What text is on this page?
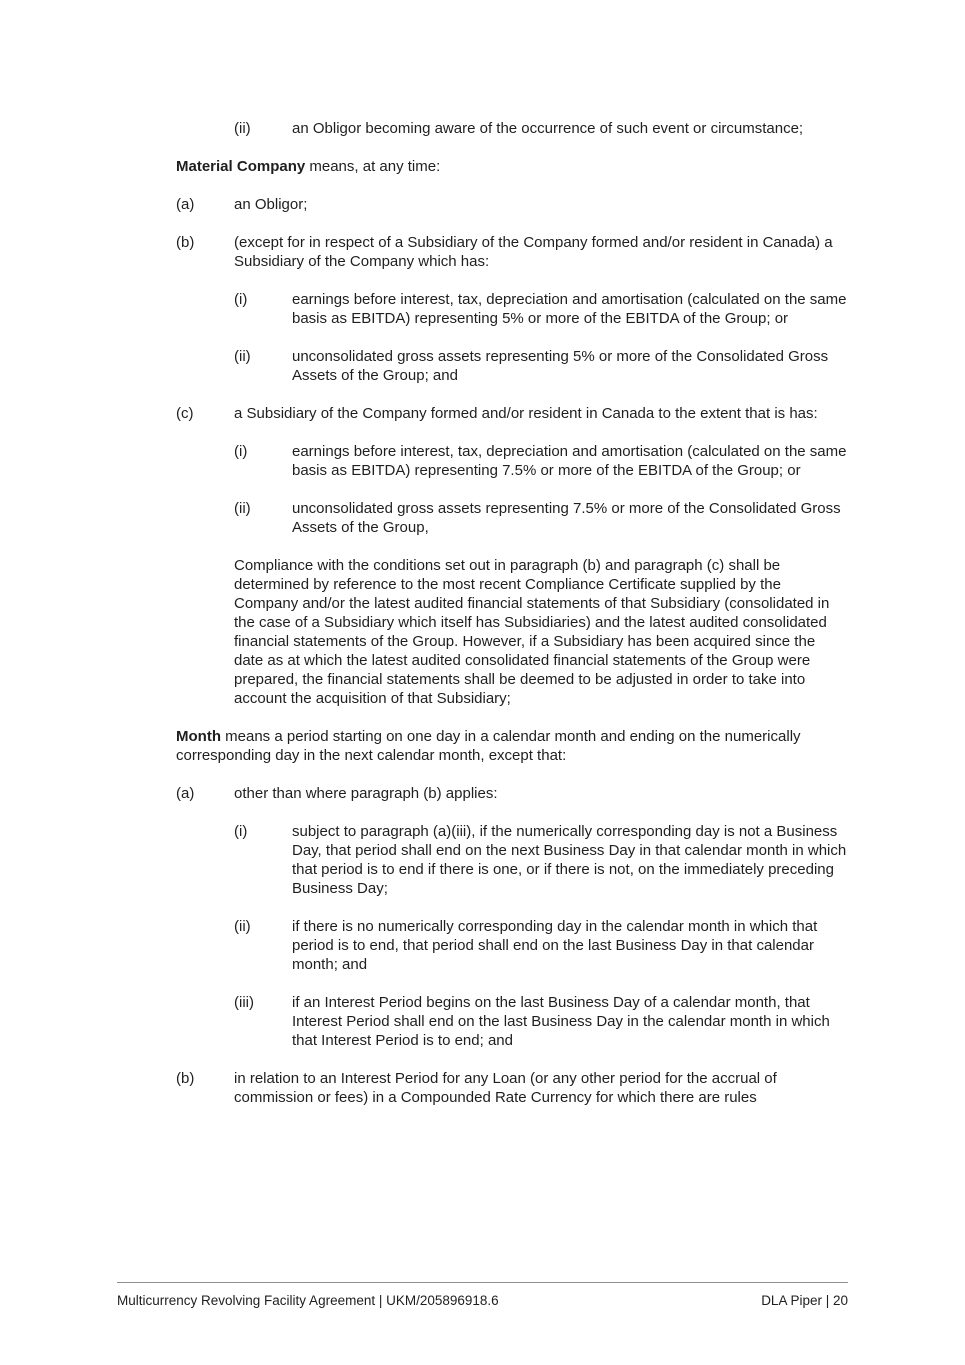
(ii)	an Obligor becoming aware of the occurrence of such event or circumstance;
Material Company means, at any time:
(a)	an Obligor;
(b)	(except for in respect of a Subsidiary of the Company formed and/or resident in Canada) a Subsidiary of the Company which has:
(i)	earnings before interest, tax, depreciation and amortisation (calculated on the same basis as EBITDA) representing 5% or more of the EBITDA of the Group; or
(ii)	unconsolidated gross assets representing 5% or more of the Consolidated Gross Assets of the Group; and
(c)	a Subsidiary of the Company formed and/or resident in Canada to the extent that is has:
(i)	earnings before interest, tax, depreciation and amortisation (calculated on the same basis as EBITDA) representing 7.5% or more of the EBITDA of the Group; or
(ii)	unconsolidated gross assets representing 7.5% or more of the Consolidated Gross Assets of the Group,
Compliance with the conditions set out in paragraph (b) and paragraph (c) shall be determined by reference to the most recent Compliance Certificate supplied by the Company and/or the latest audited financial statements of that Subsidiary (consolidated in the case of a Subsidiary which itself has Subsidiaries) and the latest audited consolidated financial statements of the Group. However, if a Subsidiary has been acquired since the date as at which the latest audited consolidated financial statements of the Group were prepared, the financial statements shall be deemed to be adjusted in order to take into account the acquisition of that Subsidiary;
Month means a period starting on one day in a calendar month and ending on the numerically corresponding day in the next calendar month, except that:
(a)	other than where paragraph (b) applies:
(i)	subject to paragraph (a)(iii), if the numerically corresponding day is not a Business Day, that period shall end on the next Business Day in that calendar month in which that period is to end if there is one, or if there is not, on the immediately preceding Business Day;
(ii)	if there is no numerically corresponding day in the calendar month in which that period is to end, that period shall end on the last Business Day in that calendar month; and
(iii)	if an Interest Period begins on the last Business Day of a calendar month, that Interest Period shall end on the last Business Day in the calendar month in which that Interest Period is to end; and
(b)	in relation to an Interest Period for any Loan (or any other period for the accrual of commission or fees) in a Compounded Rate Currency for which there are rules
Multicurrency Revolving Facility Agreement | UKM/205896918.6	DLA Piper | 20
